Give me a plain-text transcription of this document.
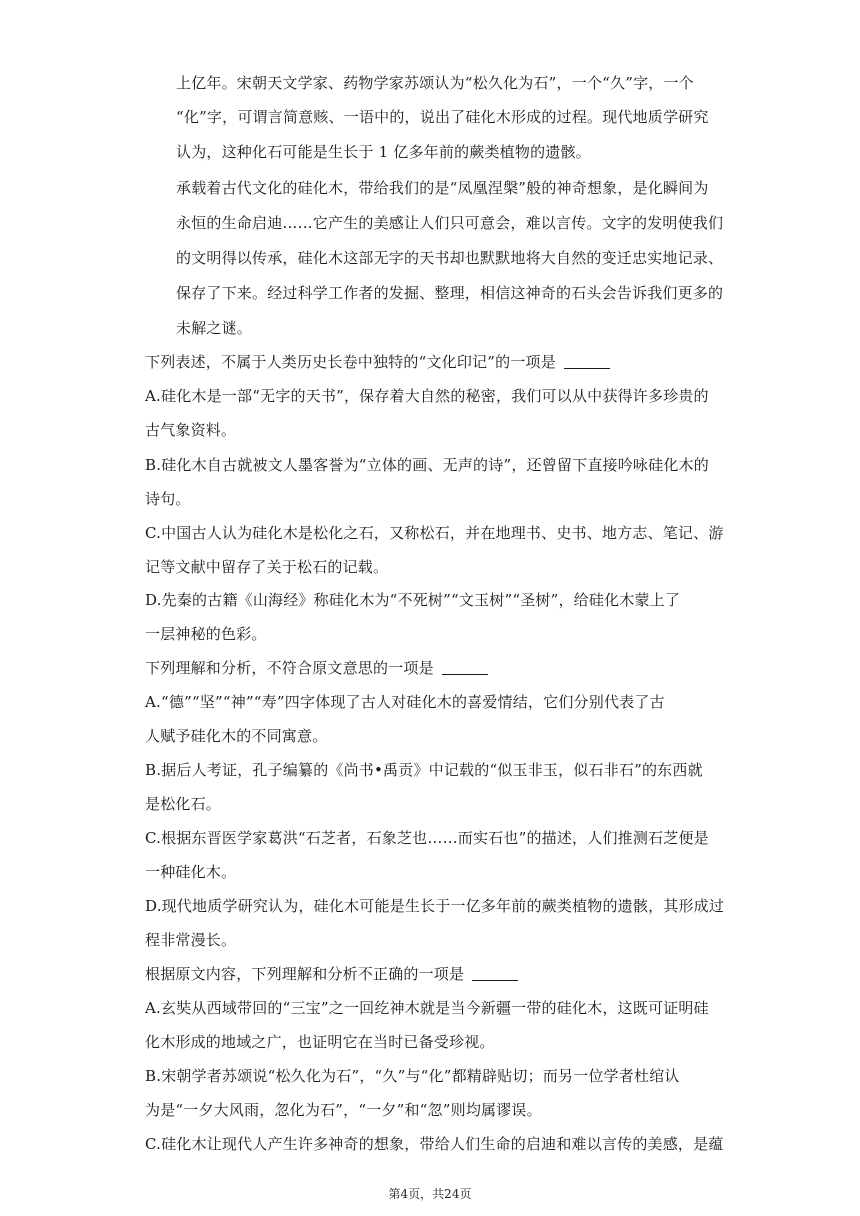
上亿年。宋朝天文学家、药物学家苏颂认为“松久化为石”，一个“久”字，一个
“化”字，可谓言简意赅、一语中的，说出了硅化木形成的过程。现代地质学研究
认为，这种化石可能是生长于 1 亿多年前的蕨类植物的遗骸。
承载着古代文化的硅化木，带给我们的是“凤凰涅槃”般的神奇想象，是化瞬间为
永恒的生命启迪……它产生的美感让人们只可意会，难以言传。文字的发明使我们
的文明得以传承，硅化木这部无字的天书却也默默地将大自然的变迁忠实地记录、
保存了下来。经过科学工作者的发掘、整理，相信这神奇的石头会告诉我们更多的
未解之谜。
下列表述，不属于人类历史长卷中独特的“文化印记”的一项是
A.硅化木是一部“无字的天书”，保存着大自然的秘密，我们可以从中获得许多珍贵的
古气象资料。
B.硅化木自古就被文人墨客誉为“立体的画、无声的诗”，还曾留下直接吟咏硅化木的
诗句。
C.中国古人认为硅化木是松化之石，又称松石，并在地理书、史书、地方志、笔记、游
记等文献中留存了关于松石的记载。
D.先秦的古籍《山海经》称硅化木为“不死树”“文玉树”“圣树”，给硅化木蒙上了
一层神秘的色彩。
下列理解和分析，不符合原文意思的一项是
A.“德”“坚”“神”“寿”四字体现了古人对硅化木的喜爱情结，它们分别代表了古
人赋予硅化木的不同寓意。
B.据后人考证，孔子编纂的《尚书•禹贡》中记载的“似玉非玉，似石非石”的东西就
是松化石。
C.根据东晋医学家葛洪“石芝者，石象芝也……而实石也”的描述，人们推测石芝便是
一种硅化木。
D.现代地质学研究认为，硅化木可能是生长于一亿多年前的蕨类植物的遗骸，其形成过
程非常漫长。
根据原文内容，下列理解和分析不正确的一项是
A.玄奘从西域带回的“三宝”之一回纥神木就是当今新疆一带的硅化木，这既可证明硅
化木形成的地域之广，也证明它在当时已备受珍视。
B.宋朝学者苏颂说“松久化为石”，“久”与“化”都精辟贴切；而另一位学者杜绾认
为是“一夕大风雨，忽化为石”，“一夕”和“忽”则均属谬误。
C.硅化木让现代人产生许多神奇的想象，带给人们生命的启迪和难以言传的美感，是蕴
第4页，共24页
